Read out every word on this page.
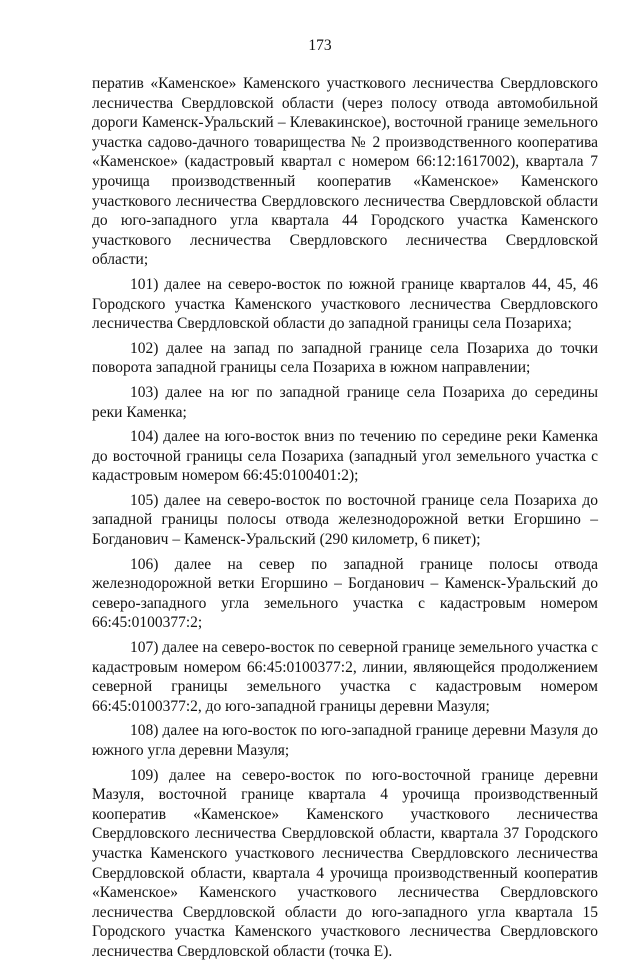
173

ператив «Каменское» Каменского участкового лесничества Свердловского лесничества Свердловской области (через полосу отвода автомобильной дороги Каменск-Уральский – Клевакинское), восточной границе земельного участка садово-дачного товарищества № 2 производственного кооператива «Каменское» (кадастровый квартал с номером 66:12:1617002), квартала 7 урочища производственный кооператив «Каменское» Каменского участкового лесничества Свердловского лесничества Свердловской области до юго-западного угла квартала 44 Городского участка Каменского участкового лесничества Свердловского лесничества Свердловской области;

101) далее на северо-восток по южной границе кварталов 44, 45, 46 Городского участка Каменского участкового лесничества Свердловского лесничества Свердловской области до западной границы села Позариха;

102) далее на запад по западной границе села Позариха до точки поворота западной границы села Позариха в южном направлении;

103) далее на юг по западной границе села Позариха до середины реки Каменка;

104) далее на юго-восток вниз по течению по середине реки Каменка до восточной границы села Позариха (западный угол земельного участка с кадастровым номером 66:45:0100401:2);

105) далее на северо-восток по восточной границе села Позариха до западной границы полосы отвода железнодорожной ветки Егоршино – Богданович – Каменск-Уральский (290 километр, 6 пикет);

106) далее на север по западной границе полосы отвода железнодорожной ветки Егоршино – Богданович – Каменск-Уральский до северо-западного угла земельного участка с кадастровым номером 66:45:0100377:2;

107) далее на северо-восток по северной границе земельного участка с кадастровым номером 66:45:0100377:2, линии, являющейся продолжением северной границы земельного участка с кадастровым номером 66:45:0100377:2, до юго-западной границы деревни Мазуля;

108) далее на юго-восток по юго-западной границе деревни Мазуля до южного угла деревни Мазуля;

109) далее на северо-восток по юго-восточной границе деревни Мазуля, восточной границе квартала 4 урочища производственный кооператив «Каменское» Каменского участкового лесничества Свердловского лесничества Свердловской области, квартала 37 Городского участка Каменского участкового лесничества Свердловского лесничества Свердловской области, квартала 4 урочища производственный кооператив «Каменское» Каменского участкового лесничества Свердловского лесничества Свердловской области до юго-западного угла квартала 15 Городского участка Каменского участкового лесничества Свердловского лесничества Свердловской области (точка Е).
